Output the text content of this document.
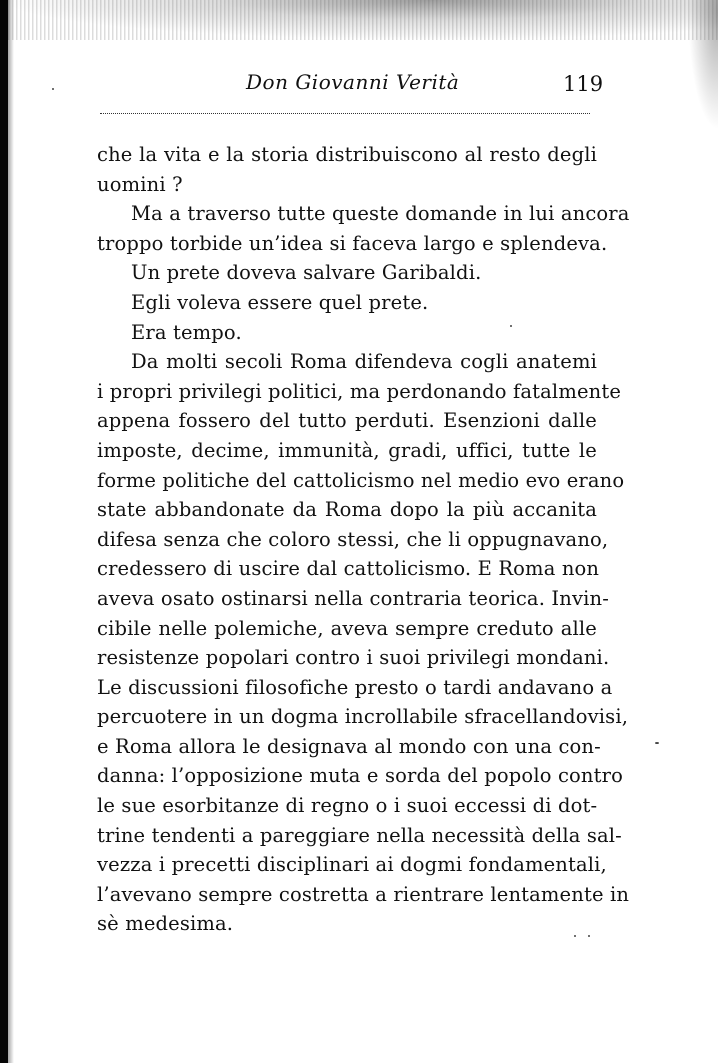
Don Giovanni Verità	119
che la vita e la storia distribuiscono al resto degli
uomini ?
Ma a traverso tutte queste domande in lui ancora
troppo torbide un’idea si faceva largo e splendeva.
Un prete doveva salvare Garibaldi.
Egli voleva essere quel prete.
Era tempo.
Da molti secoli Roma difendeva cogli anatemi
i propri privilegi politici, ma perdonando fatalmente
appena fossero del tutto perduti. Esenzioni dalle
imposte, decime, immunità, gradi, uffici, tutte le
forme politiche del cattolicismo nel medio evo erano
state abbandonate da Roma dopo la più accanita
difesa senza che coloro stessi, che li oppugnavano,
credessero di uscire dal cattolicismo. E Roma non
aveva osato ostinarsi nella contraria teorica. Invin-
cibile nelle polemiche, aveva sempre creduto alle
resistenze popolari contro i suoi privilegi mondani.
Le discussioni filosofiche presto o tardi andavano a
percuotere in un dogma incrollabile sfracellandovisi,
e Roma allora le designava al mondo con una con-
danna: l’opposizione muta e sorda del popolo contro
le sue esorbitanze di regno o i suoi eccessi di dot-
trine tendenti a pareggiare nella necessità della sal-
vezza i precetti disciplinari ai dogmi fondamentali,
l’avevano sempre costretta a rientrare lentamente in
sè medesima.
